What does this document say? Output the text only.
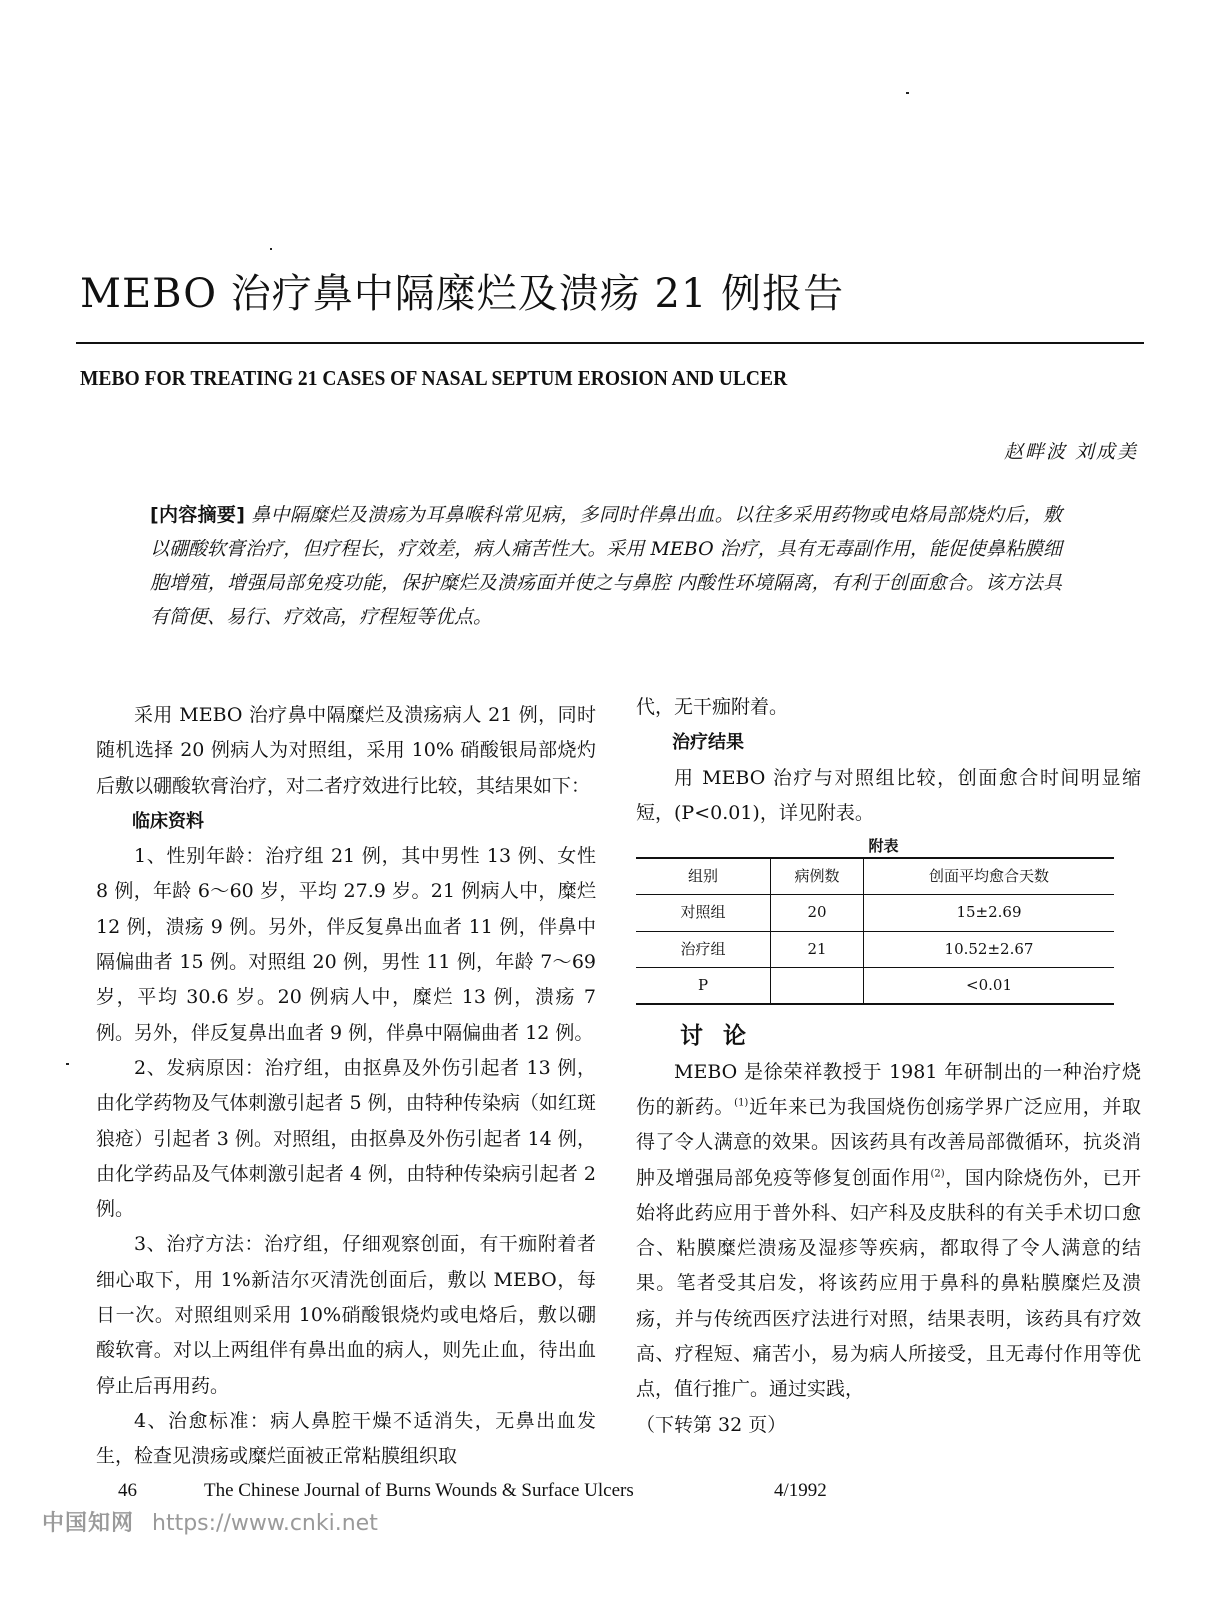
MEBO 治疗鼻中隔糜烂及溃疡 21 例报告
MEBO FOR TREATING 21 CASES OF NASAL SEPTUM EROSION AND ULCER
赵畔波 刘成美
[内容摘要] 鼻中隔糜烂及溃疡为耳鼻喉科常见病，多同时伴鼻出血。以往多采用药物或电烙局部烧灼后，敷以硼酸软膏治疗，但疗程长，疗效差，病人痛苦性大。采用 MEBO 治疗，具有无毒副作用，能促使鼻粘膜细胞增殖，增强局部免疫功能，保护糜烂及溃疡面并使之与鼻腔 内酸性环境隔离，有利于创面愈合。该方法具有简便、易行、疗效高，疗程短等优点。

采用 MEBO 治疗鼻中隔糜烂及溃疡病人 21 例，同时随机选择 20 例病人为对照组，采用 10% 硝酸银局部烧灼后敷以硼酸软膏治疗，对二者疗效进行比较，其结果如下：

临床资料

1、性别年龄：治疗组 21 例，其中男性 13 例、女性 8 例，年龄 6～60 岁，平均 27.9 岁。21 例病人中，糜烂 12 例，溃疡 9 例。另外，伴反复鼻出血者 11 例，伴鼻中隔偏曲者 15 例。对照组 20 例，男性 11 例，年龄 7～69 岁，平均 30.6 岁。20 例病人中，糜烂 13 例，溃疡 7 例。另外，伴反复鼻出血者 9 例，伴鼻中隔偏曲者 12 例。

2、发病原因：治疗组，由抠鼻及外伤引起者 13 例，由化学药物及气体刺激引起者 5 例，由特种传染病（如红斑狼疮）引起者 3 例。对照组，由抠鼻及外伤引起者 14 例，由化学药品及气体刺激引起者 4 例，由特种传染病引起者 2 例。

3、治疗方法：治疗组，仔细观察创面，有干痂附着者细心取下，用 1%新洁尔灭清洗创面后，敷以 MEBO，每日一次。对照组则采用 10%硝酸银烧灼或电烙后，敷以硼酸软膏。对以上两组伴有鼻出血的病人，则先止血，待出血停止后再用药。

4、治愈标准：病人鼻腔干燥不适消失，无鼻出血发生，检查见溃疡或糜烂面被正常粘膜组织取

代，无干痂附着。

治疗结果

用 MEBO 治疗与对照组比较，创面愈合时间明显缩短，(P<0.01)，详见附表。

附表
组别	病例数	创面平均愈合天数
对照组	20	15±2.69
治疗组	21	10.52±2.67
P		<0.01

讨 论

MEBO 是徐荣祥教授于 1981 年研制出的一种治疗烧伤的新药。$^{(1)}$近年来已为我国烧伤创疡学界广泛应用，并取得了令人满意的效果。因该药具有改善局部微循环，抗炎消肿及增强局部免疫等修复创面作用$^{(2)}$，国内除烧伤外，已开始将此药应用于普外科、妇产科及皮肤科的有关手术切口愈合、粘膜糜烂溃疡及湿疹等疾病，都取得了令人满意的结果。笔者受其启发，将该药应用于鼻科的鼻粘膜糜烂及溃疡，并与传统西医疗法进行对照，结果表明，该药具有疗效高、疗程短、痛苦小，易为病人所接受，且无毒付作用等优点，值行推广。通过实践，

（下转第 32 页）

46	The Chinese Journal of Burns Wounds & Surface Ulcers	4/1992
中国知网 https://www.cnki.net
